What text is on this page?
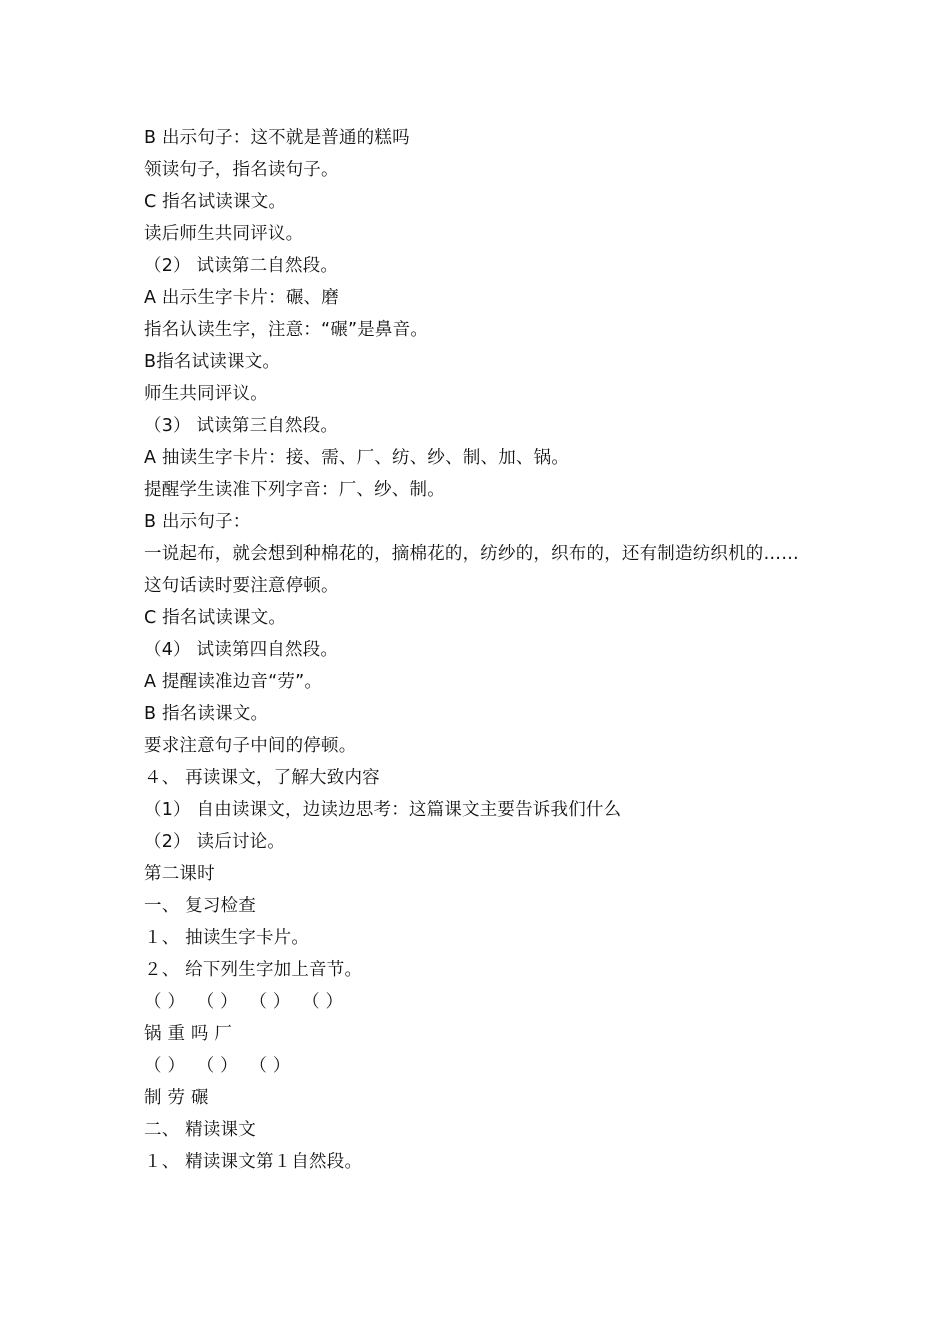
B 出示句子：这不就是普通的糕吗
领读句子，指名读句子。
C 指名试读课文。
读后师生共同评议。
（2） 试读第二自然段。
A 出示生字卡片：碾、磨
指名认读生字，注意：“碾”是鼻音。
B指名试读课文。
师生共同评议。
（3） 试读第三自然段。
A 抽读生字卡片：接、需、厂、纺、纱、制、加、锅。
提醒学生读准下列字音：厂、纱、制。
B 出示句子：
一说起布，就会想到种棉花的，摘棉花的，纺纱的，织布的，还有制造纺织机的……
这句话读时要注意停顿。
C 指名试读课文。
（4） 试读第四自然段。
A 提醒读准边音“劳”。
B 指名读课文。
要求注意句子中间的停顿。
４、 再读课文，了解大致内容
（1） 自由读课文，边读边思考：这篇课文主要告诉我们什么
（2） 读后讨论。
第二课时
一、 复习检查
１、 抽读生字卡片。
２、 给下列生字加上音节。
（ ）  （ ）  （ ）  （ ）
锅 重 吗 厂
（ ）  （ ）  （ ）
制 劳 碾
二、 精读课文
１、 精读课文第１自然段。
